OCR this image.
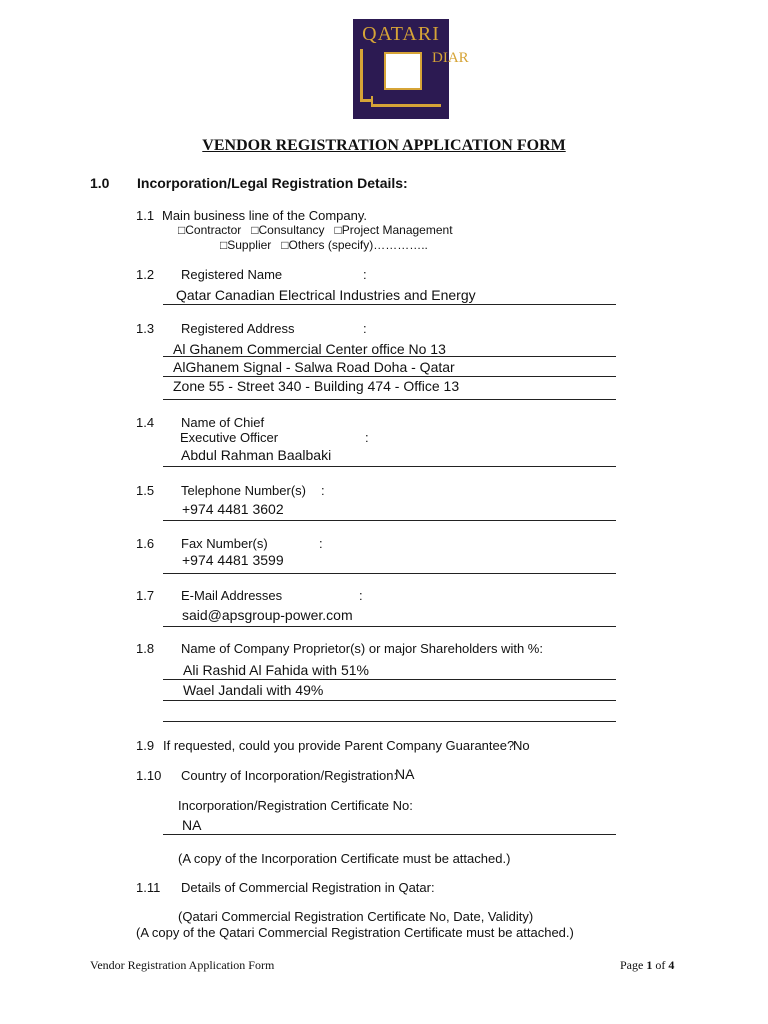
QATARI
DIAR
VENDOR REGISTRATION APPLICATION FORM
1.0 Incorporation/Legal Registration Details:
1.1 Main business line of the Company.
□Contractor   □Consultancy   □Project Management
□Supplier   □Others (specify)…………..
1.2 Registered Name	:
Qatar Canadian Electrical Industries and Energy
1.3 Registered Address	:
Al Ghanem Commercial Center office No 13
AlGhanem Signal - Salwa Road Doha - Qatar
Zone 55 - Street 340 - Building 474 - Office 13
1.4 Name of Chief
Executive Officer	:
Abdul Rahman Baalbaki
1.5 Telephone Number(s) :
+974 4481 3602
1.6 Fax Number(s)	:
+974 4481 3599
1.7 E-Mail Addresses	:
said@apsgroup-power.com
1.8 Name of Company Proprietor(s) or major Shareholders with %:
Ali Rashid Al Fahida with 51%
Wael Jandali with 49%
1.9 If requested, could you provide Parent Company Guarantee?
No
1.10 Country of Incorporation/Registration:
NA
Incorporation/Registration Certificate No:
NA
(A copy of the Incorporation Certificate must be attached.)
1.11 Details of Commercial Registration in Qatar:
(Qatari Commercial Registration Certificate No, Date, Validity)
(A copy of the Qatari Commercial Registration Certificate must be attached.)
Vendor Registration Application Form	Page 1 of 4
